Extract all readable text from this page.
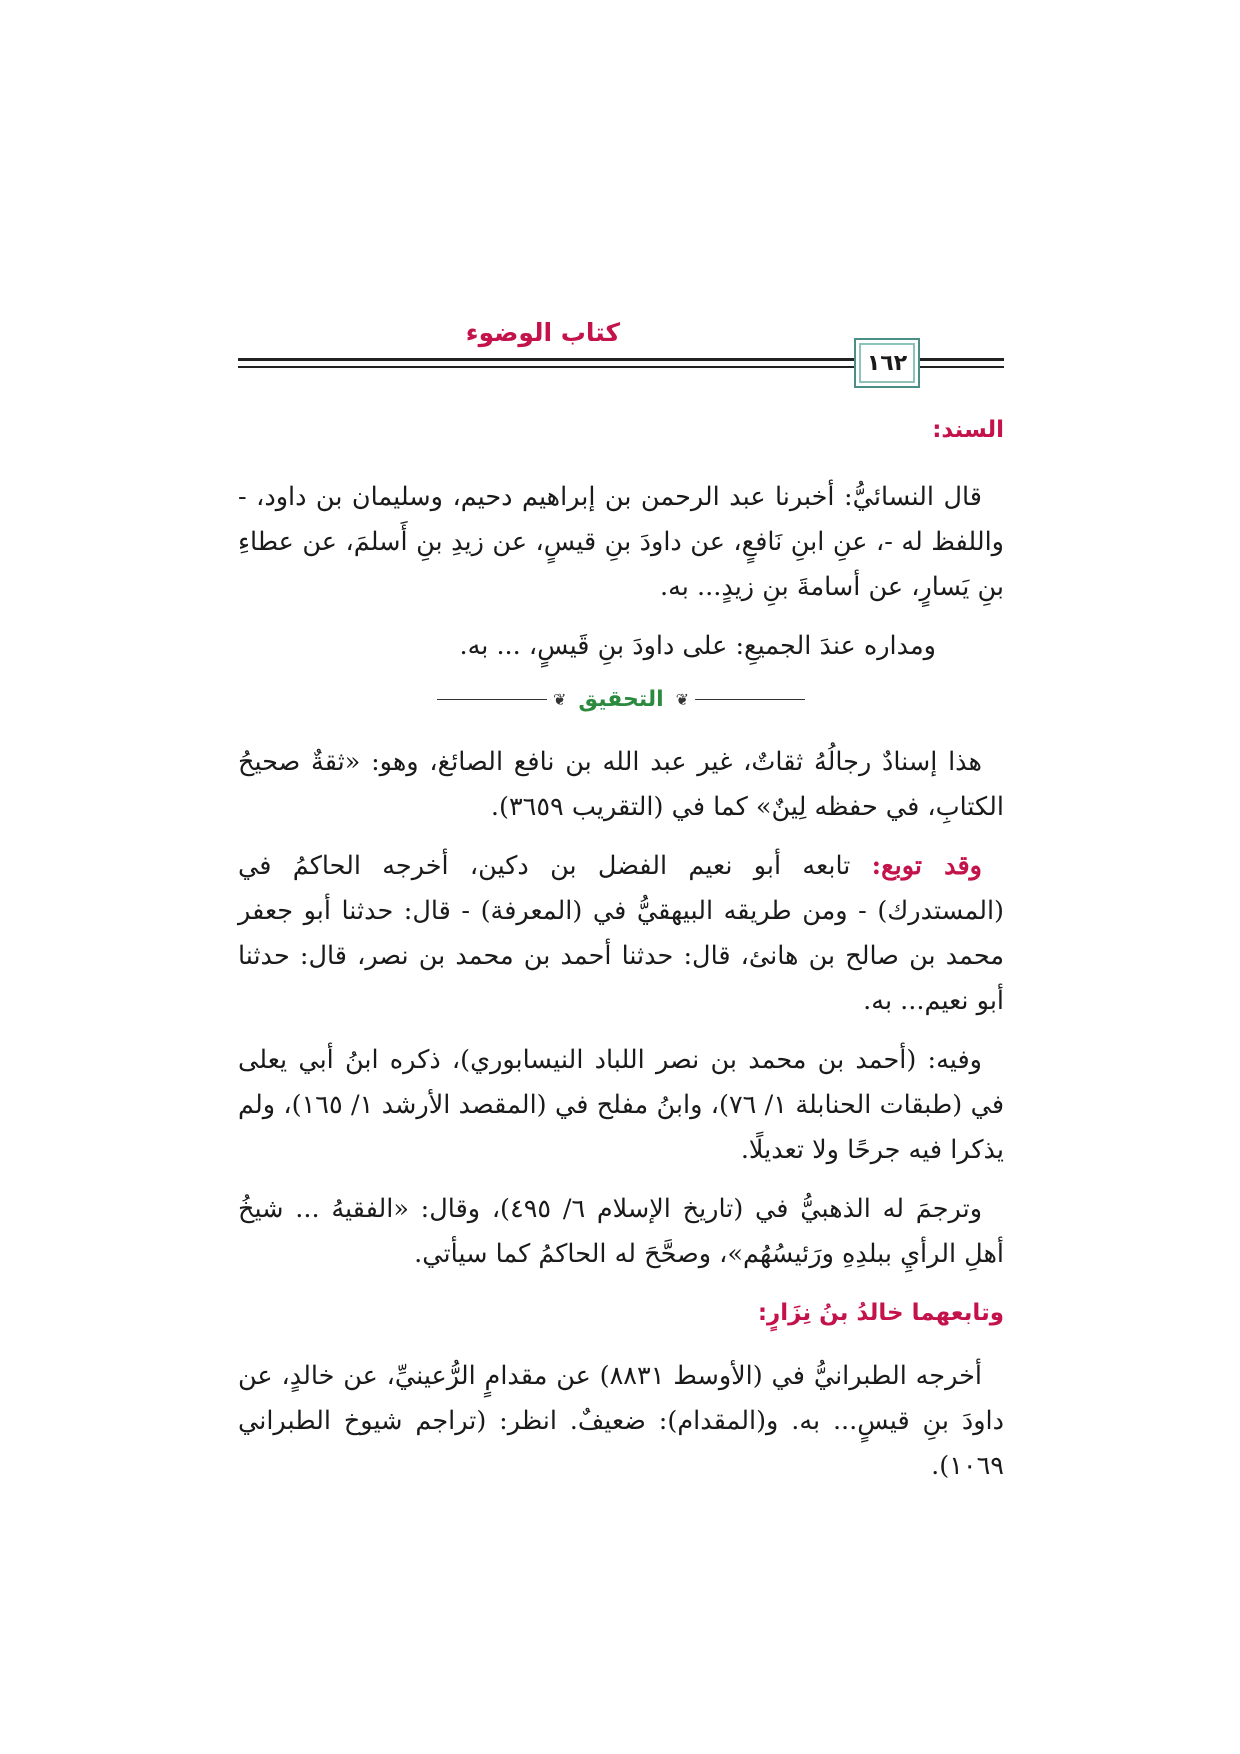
كتاب الوضوء
١٦٢
السند:

قال النسائيُّ: أخبرنا عبد الرحمن بن إبراهيم دحيم، وسليمان بن داود، - واللفظ له -، عنِ ابنِ نَافعٍ، عن داودَ بنِ قيسٍ، عن زيدِ بنِ أَسلمَ، عن عطاءِ بنِ يَسارٍ، عن أسامةَ بنِ زيدٍ... به.

ومداره عندَ الجميعِ: على داودَ بنِ قَيسٍ، ... به.

❦
التحقيق
❦

هذا إسنادٌ رجالُهُ ثقاتٌ، غير عبد الله بن نافع الصائغ، وهو: «ثقةٌ صحيحُ الكتابِ، في حفظه لِينٌ» كما في (التقريب ٣٦٥٩).

وقد توبع: تابعه أبو نعيم الفضل بن دكين، أخرجه الحاكمُ في (المستدرك) - ومن طريقه البيهقيُّ في (المعرفة) - قال: حدثنا أبو جعفر محمد بن صالح بن هانئ، قال: حدثنا أحمد بن محمد بن نصر، قال: حدثنا أبو نعيم... به.

وفيه: (أحمد بن محمد بن نصر اللباد النيسابوري)، ذكره ابنُ أبي يعلى في (طبقات الحنابلة ١/ ٧٦)، وابنُ مفلح في (المقصد الأرشد ١/ ١٦٥)، ولم يذكرا فيه جرحًا ولا تعديلًا.

وترجمَ له الذهبيُّ في (تاريخ الإسلام ٦/ ٤٩٥)، وقال: «الفقيهُ ... شيخُ أهلِ الرأيِ ببلدِهِ ورَئيسُهُم»، وصحَّحَ له الحاكمُ كما سيأتي.

وتابعهما خالدُ بنُ نِزَارٍ:

أخرجه الطبرانيُّ في (الأوسط ٨٨٣١) عن مقدامٍ الرُّعينيِّ، عن خالدٍ، عن داودَ بنِ قيسٍ... به. و(المقدام): ضعيفٌ. انظر: (تراجم شيوخ الطبراني ١٠٦٩).
